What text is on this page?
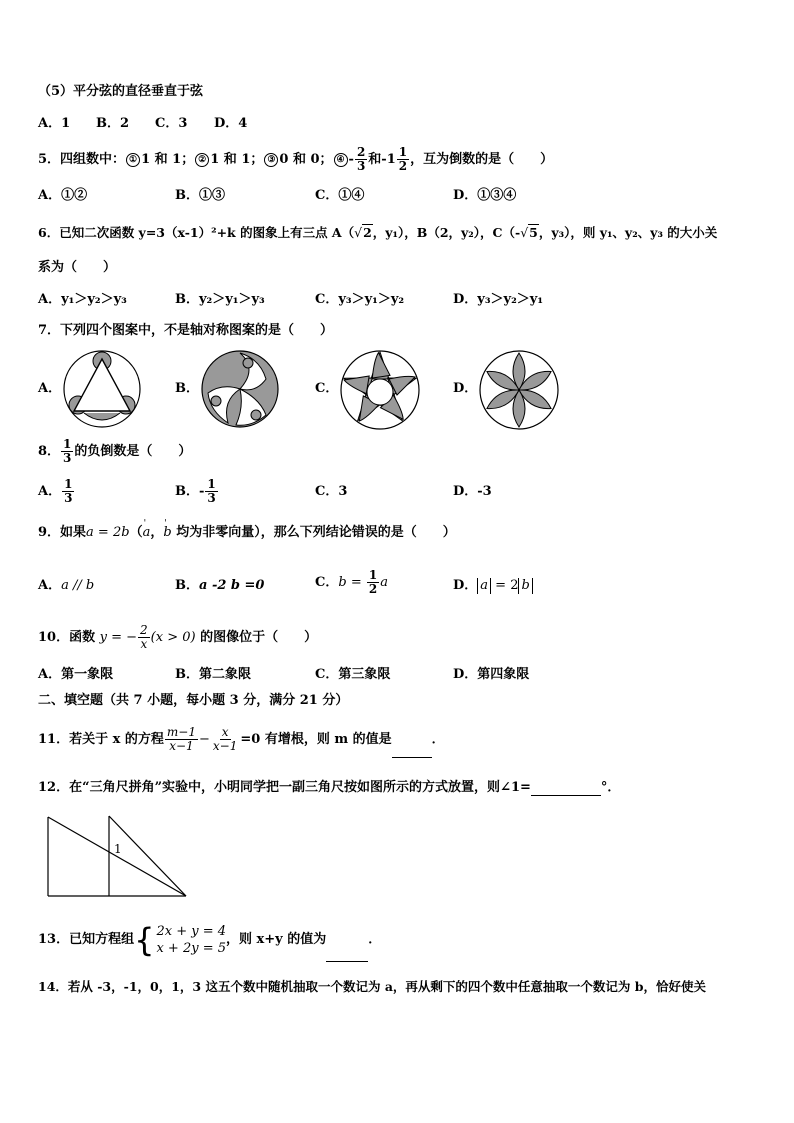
（5）平分弦的直径垂直于弦
A．1 B．2 C．3 D．4
5．四组数中： ① 1 和 1； ② 1 和 1； ③ 0 和 0； ④ - $\frac{2}{3}$ 和$-1 \frac{1}{2}$ ，互为倒数的是（　　）
A．①②	B．①③	C．①④	D．①③④
6．已知二次函数 y=3（x-1）²+k 的图象上有三点 A（√2，y₁），B（2，y₂），C（-√5，y₃），则 y₁、y₂、y₃ 的大小关
系为（　　）
A．y₁＞y₂＞y₃	B．y₂＞y₁＞y₃	C．y₃＞y₁＞y₂	D．y₃＞y₂＞y₁
7．下列四个图案中，不是轴对称图案的是（　　）
A．	B．	C．	D．
8． $\frac{1}{3}$ 的负倒数是（　　）
A． $\frac{1}{3}$	B．- $\frac{1}{3}$	C．3	D．-3
9．如果a = 2b（' a，' b 均为非零向量），那么下列结论错误的是（　　）
A．a // b	B．a -2 b =0	C．$b = \frac{1}{2}$ a	D． a = 2 b
10．函数 y = − $\frac{2}{x} (x > 0)$ 的图像位于（　　）
A．第一象限	B．第二象限	C．第三象限	D．第四象限
二、填空题（共 7 小题，每小题 3 分，满分 21 分）
11．若关于 x 的方程 $\frac{m-1}{x-1} - \frac{x}{x-1} =0$ 有增根，则 m 的值是	．
12．在“三角尺拼角”实验中，小明同学把一副三角尺按如图所示的方式放置，则∠1=	°．
1
13．已知方程组 { 2x + y = 4
x + 2y = 5
，则 x+y 的值为	．
14．若从 -3，-1，0，1，3 这五个数中随机抽取一个数记为 a，再从剩下的四个数中任意抽取一个数记为 b，恰好使关
